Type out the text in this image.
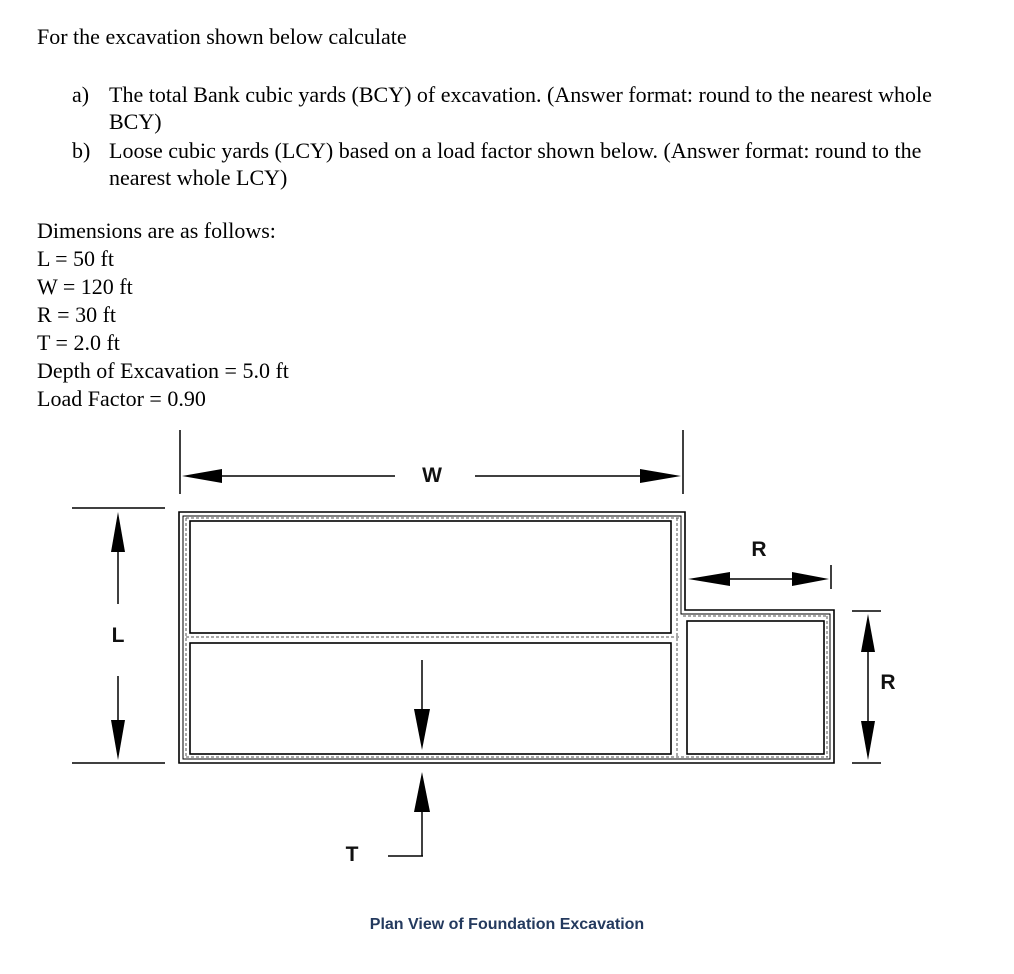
For the excavation shown below calculate
a) The total Bank cubic yards (BCY) of excavation. (Answer format: round to the nearest whole BCY)
b) Loose cubic yards (LCY) based on a load factor shown below. (Answer format: round to the nearest whole LCY)
Dimensions are as follows:
L = 50 ft
W = 120 ft
R = 30 ft
T = 2.0 ft
Depth of Excavation = 5.0 ft
Load Factor = 0.90
W
L
R
R
T
Plan View of Foundation Excavation
